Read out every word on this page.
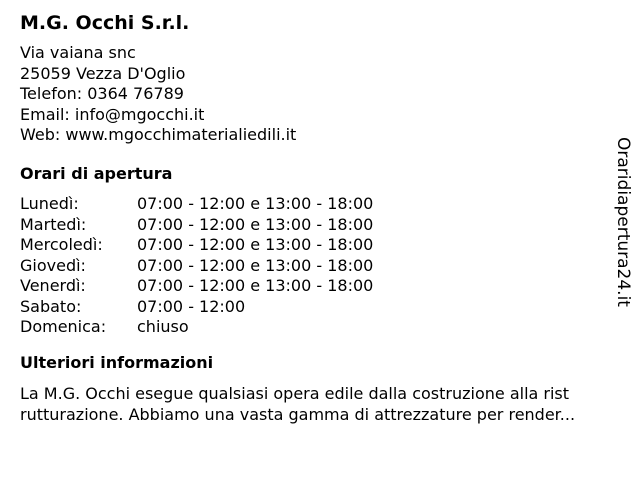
M.G. Occhi S.r.l.
Via vaiana snc
25059 Vezza D'Oglio
Telefon: 0364 76789
Email: info@mgocchi.it
Web: www.mgocchimaterialiedili.it
Orari di apertura
Lunedì:	07:00 - 12:00 e 13:00 - 18:00
Martedì:	07:00 - 12:00 e 13:00 - 18:00
Mercoledì:	07:00 - 12:00 e 13:00 - 18:00
Giovedì:	07:00 - 12:00 e 13:00 - 18:00
Venerdì:	07:00 - 12:00 e 13:00 - 18:00
Sabato:	07:00 - 12:00
Domenica:	chiuso
Ulteriori informazioni
La M.G. Occhi esegue qualsiasi opera edile dalla costruzione alla rist
rutturazione. Abbiamo una vasta gamma di attrezzature per render...
Oraridiapertura24.it
